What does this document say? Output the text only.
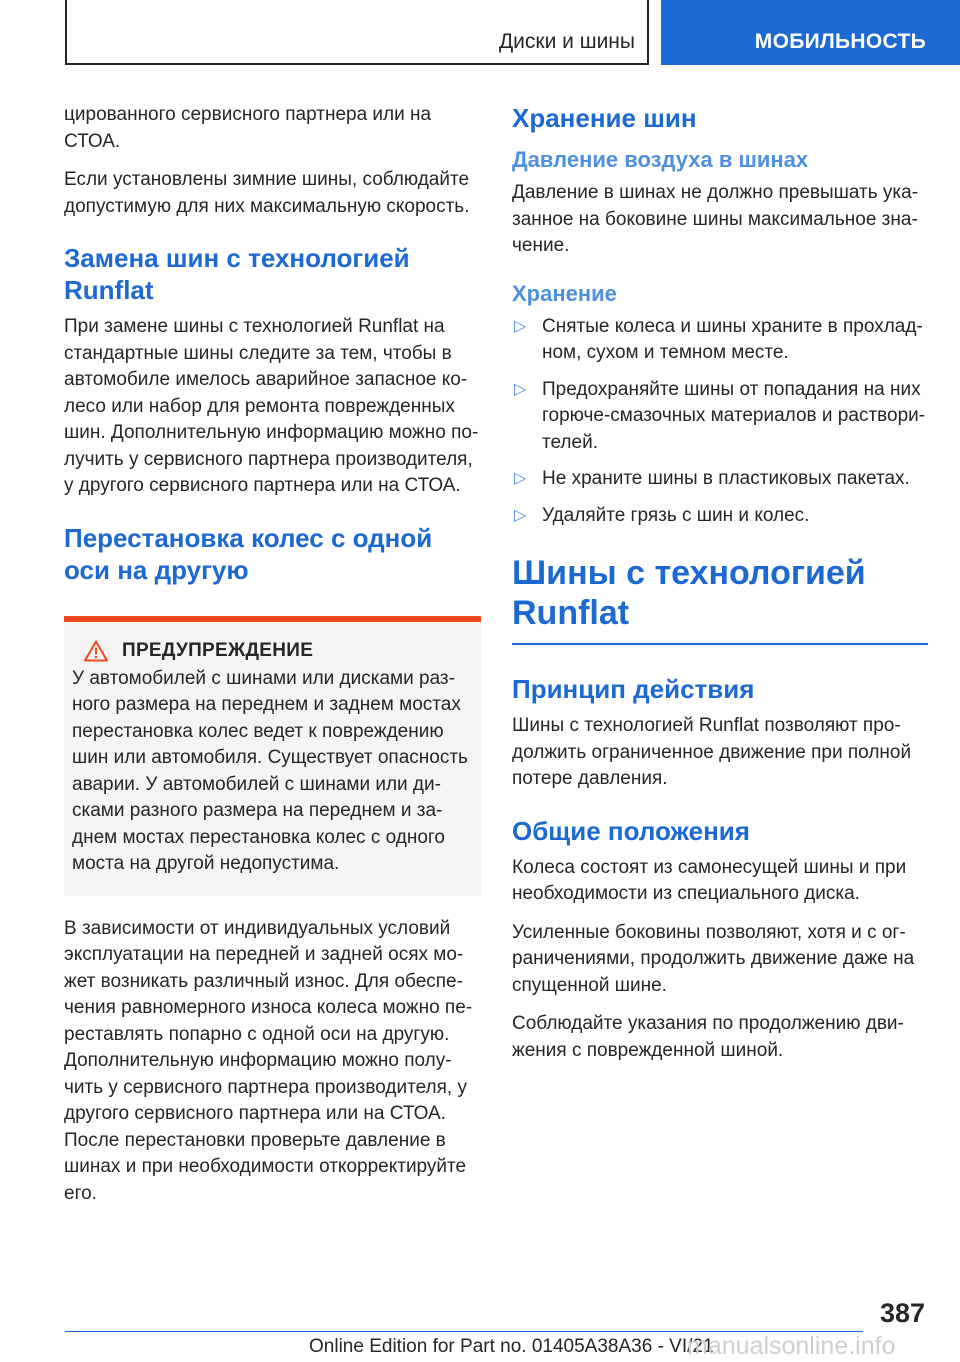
Диски и шины	МОБИЛЬНОСТЬ

цированного сервисного партнера или на СТОА.

Если установлены зимние шины, соблюдайте допустимую для них максимальную скорость.

Замена шин с технологией Runflat

При замене шины с технологией Runflat на стандартные шины следите за тем, чтобы в автомобиле имелось аварийное запасное колесо или набор для ремонта поврежденных шин. Дополнительную информацию можно получить у сервисного партнера производителя, у другого сервисного партнера или на СТОА.

Перестановка колес с одной оси на другую
ПРЕДУПРЕЖДЕНИЕ

У автомобилей с шинами или дисками разного размера на переднем и заднем мостах перестановка колес ведет к повреждению шин или автомобиля. Существует опасность аварии. У автомобилей с шинами или дисками разного размера на переднем и заднем мостах перестановка колес с одного моста на другой недопустима.

В зависимости от индивидуальных условий эксплуатации на передней и задней осях может возникать различный износ. Для обеспечения равномерного износа колеса можно переставлять попарно с одной оси на другую. Дополнительную информацию можно получить у сервисного партнера производителя, у другого сервисного партнера или на СТОА. После перестановки проверьте давление в шинах и при необходимости откорректируйте его.

Хранение шин
Давление воздуха в шинах

Давление в шинах не должно превышать указанное на боковине шины максимальное значение.

Хранение
▷ Снятые колеса и шины храните в прохладном, сухом и темном месте.
▷ Предохраняйте шины от попадания на них горюче-смазочных материалов и растворителей.
▷ Не храните шины в пластиковых пакетах.
▷ Удаляйте грязь с шин и колес.
Шины с технологией Runflat
Принцип действия

Шины с технологией Runflat позволяют продолжить ограниченное движение при полной потере давления.

Общие положения

Колеса состоят из самонесущей шины и при необходимости из специального диска.

Усиленные боковины позволяют, хотя и с ограничениями, продолжить движение даже на спущенной шине.

Соблюдайте указания по продолжению движения с поврежденной шиной.

387
Online Edition for Part no. 01405A38A36 - VI/21
manualsonline.info
